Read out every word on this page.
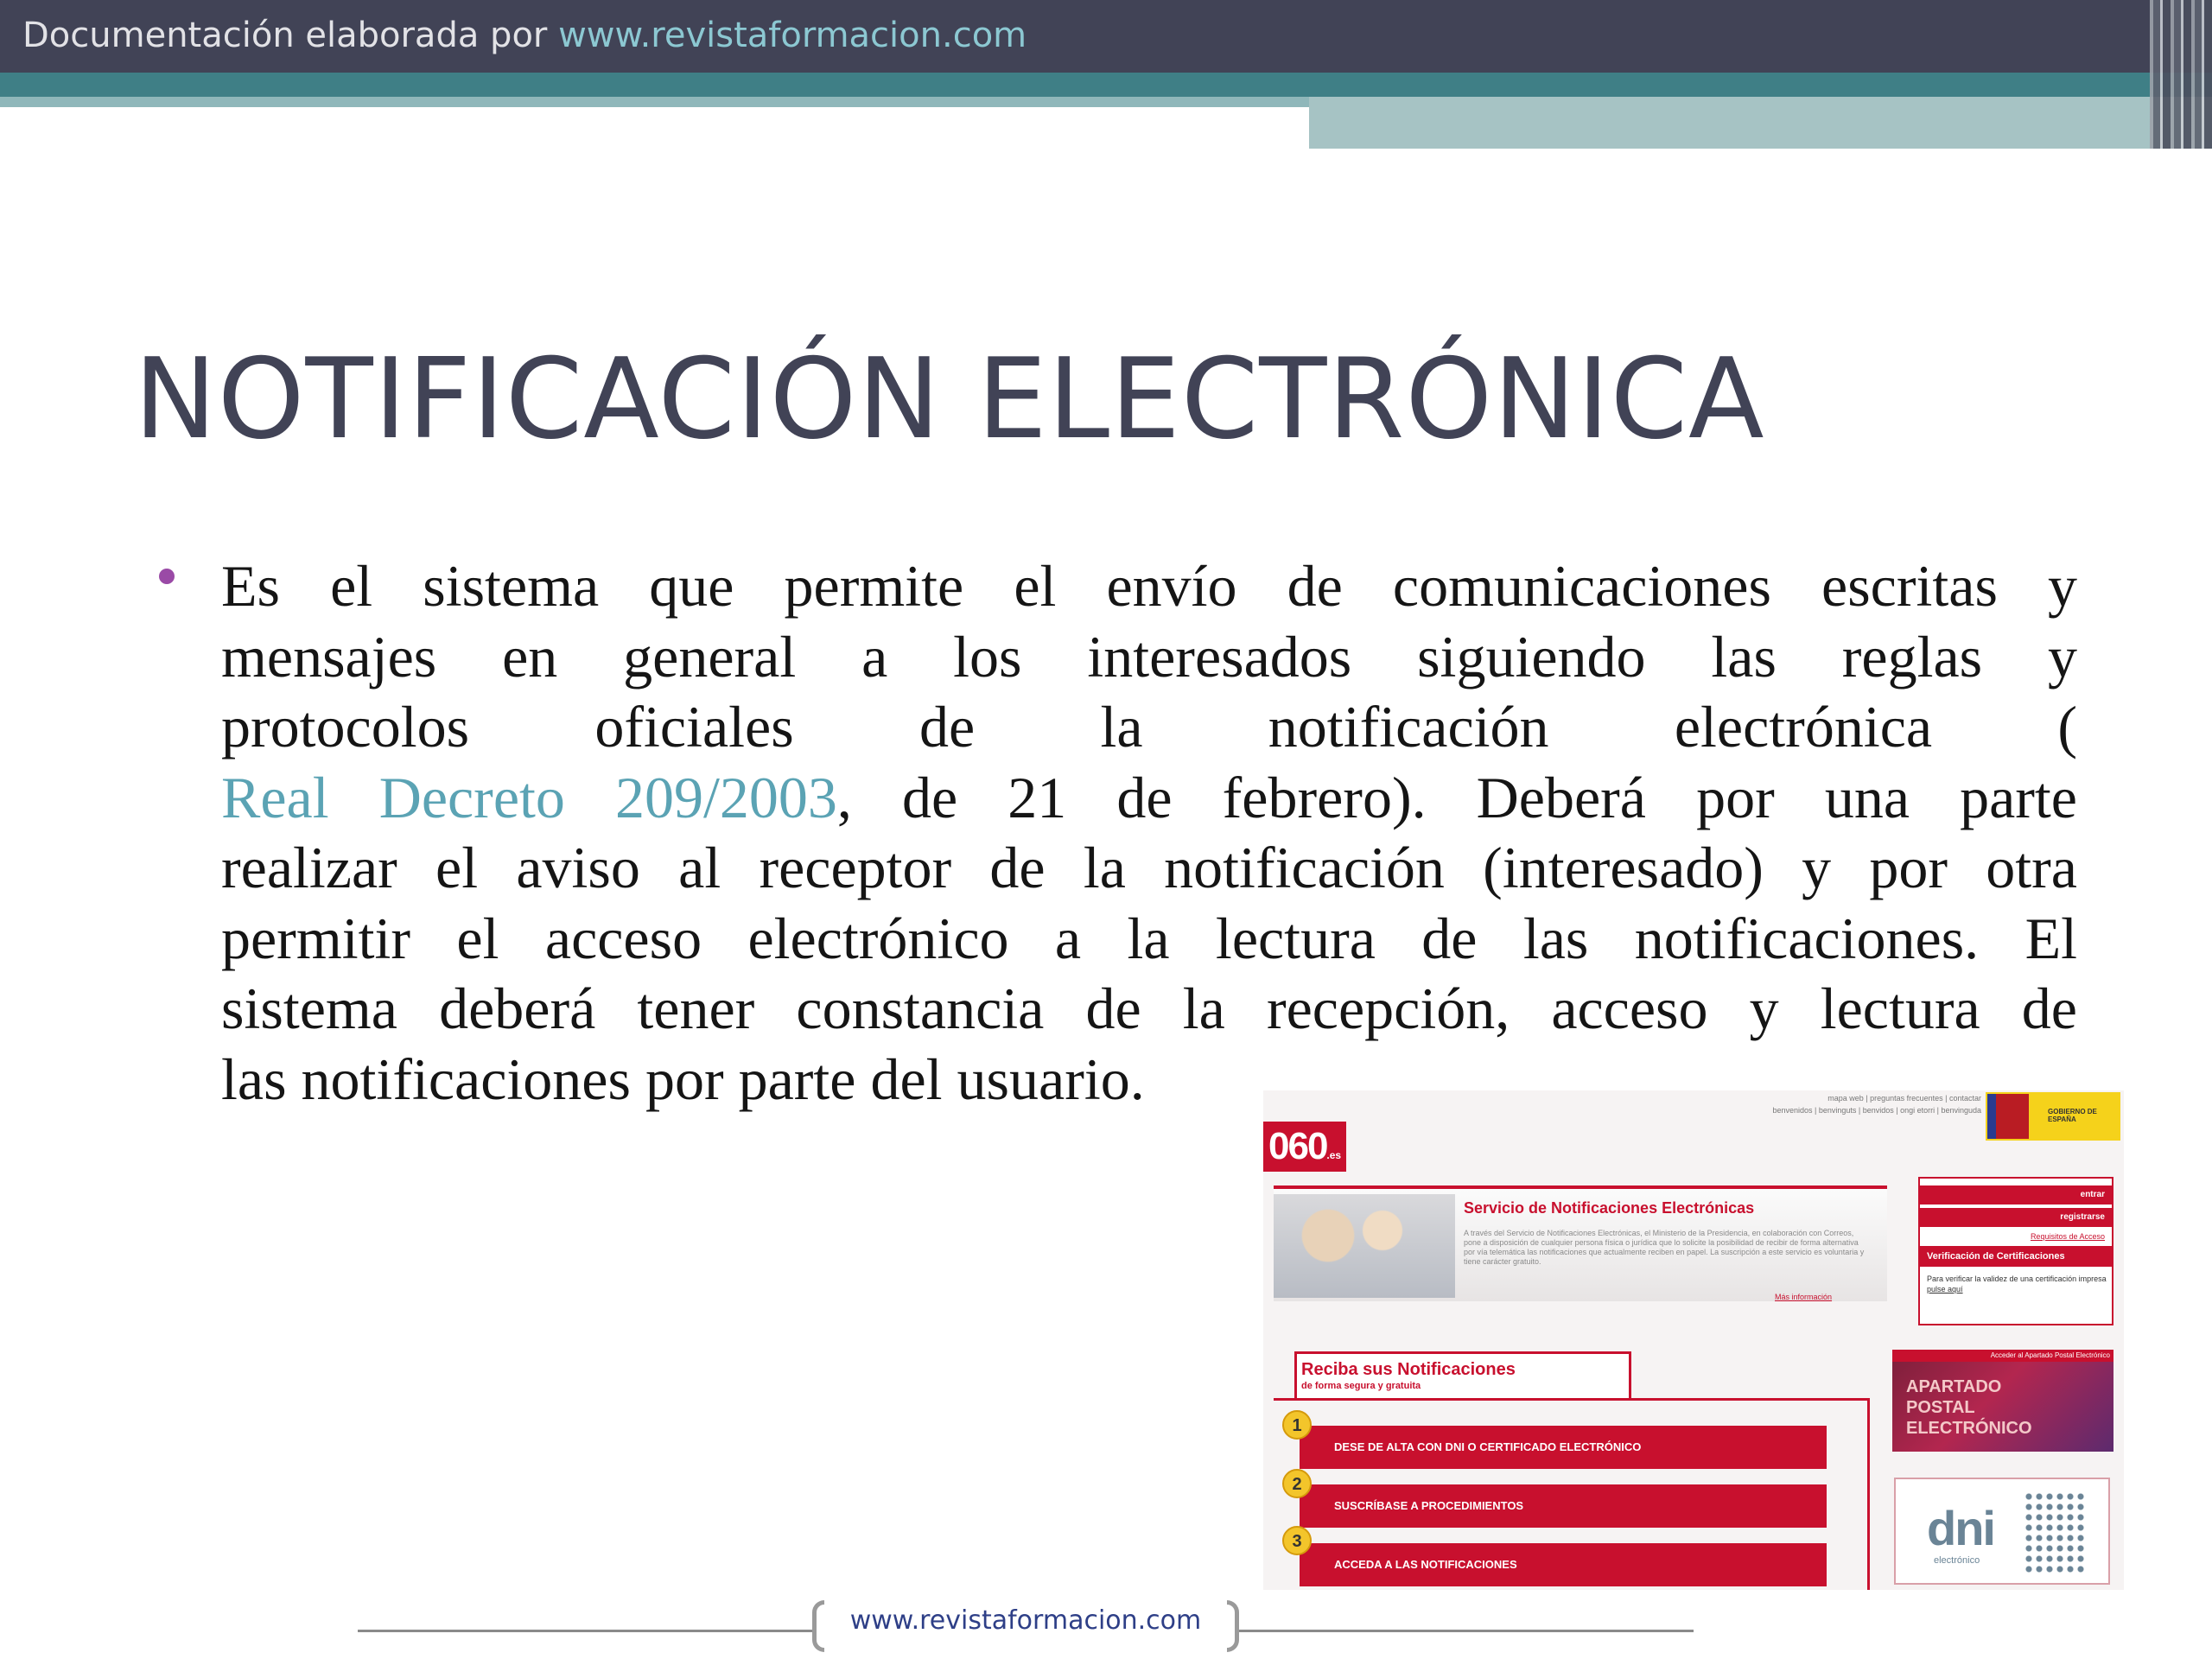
Documentación elaborada por www.revistaformacion.com
NOTIFICACIÓN ELECTRÓNICA
Es el sistema que permite el envío de comunicaciones escritas y
mensajes en general a los interesados siguiendo las reglas y
protocolos oficiales de la notificación electrónica (
Real Decreto 209/2003, de 21 de febrero). Deberá por una parte
realizar el aviso al receptor de la notificación (interesado) y por otra
permitir el acceso electrónico a la lectura de las notificaciones. El
sistema deberá tener constancia de la recepción, acceso y lectura de
las notificaciones por parte del usuario.	mapa web | preguntas frecuentes | contactar
benvenidos | benvinguts | benvidos | ongi etorri | benvinguda	GOBIERNO DE ESPAÑA
060.es
Servicio de Notificaciones Electrónicas
A través del Servicio de Notificaciones Electrónicas, el Ministerio de la Presidencia, en colaboración con Correos, pone a disposición de cualquier persona física o jurídica que lo solicite la posibilidad de recibir de forma alternativa por vía telemática las notificaciones que actualmente reciben en papel. La suscripción a este servicio es voluntaria y tiene carácter gratuito.
Más información
entrar
registrarse
Requisitos de Acceso
Verificación de Certificaciones
Para verificar la validez de una certificación impresa pulse aquí
Reciba sus Notificaciones
de forma segura y gratuita
DESE DE ALTA CON DNI O CERTIFICADO ELECTRÓNICO
1
SUSCRÍBASE A PROCEDIMIENTOS
2
ACCEDA A LAS NOTIFICACIONES
3
Acceder al Apartado Postal Electrónico
APARTADO
POSTAL
ELECTRÓNICO
dni
electrónico
www.revistaformacion.com
